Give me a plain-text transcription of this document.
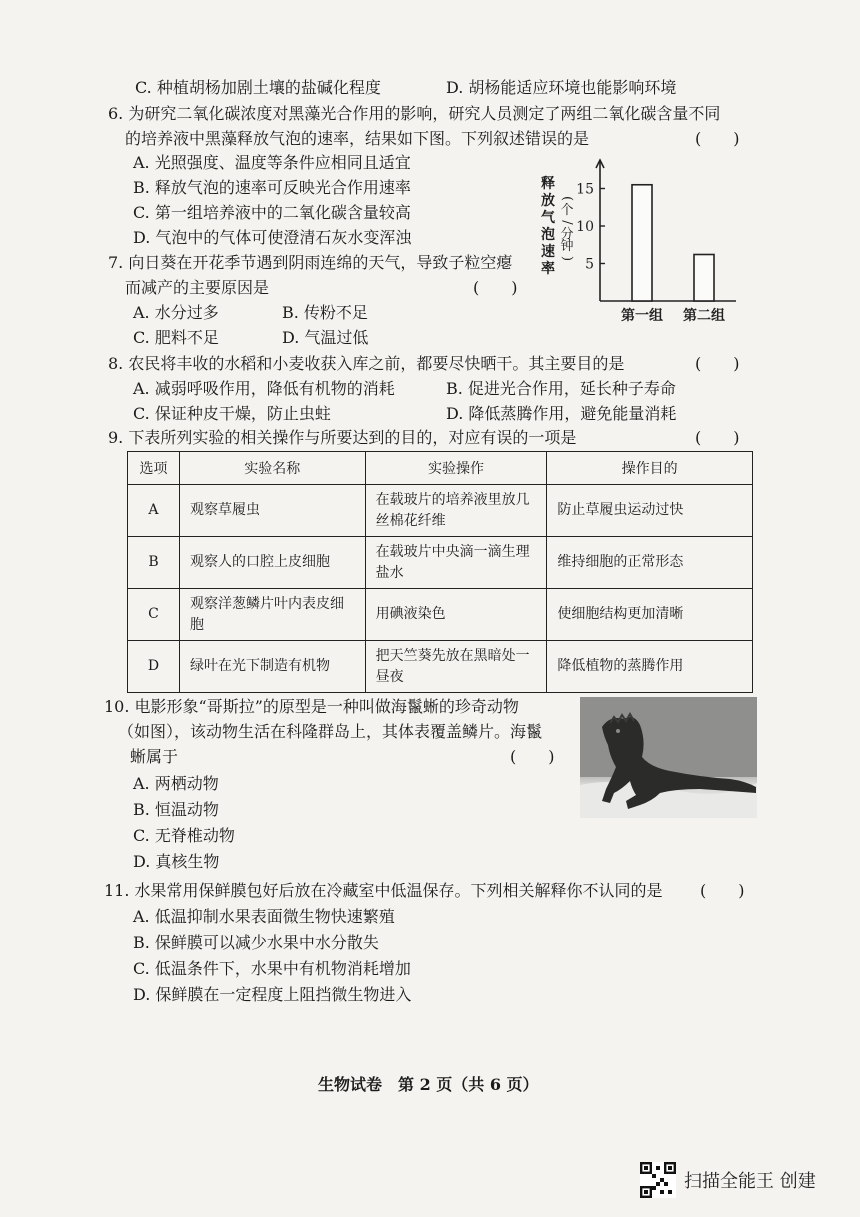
C. 种植胡杨加剧土壤的盐碱化程度	D. 胡杨能适应环境也能影响环境
6. 为研究二氧化碳浓度对黑藻光合作用的影响，研究人员测定了两组二氧化碳含量不同
的培养液中黑藻释放气泡的速率，结果如下图。下列叙述错误的是	(　　)
A. 光照强度、温度等条件应相同且适宜
B. 释放气泡的速率可反映光合作用速率
C. 第一组培养液中的二氧化碳含量较高
D. 气泡中的气体可使澄清石灰水变浑浊
释
放
气
泡
速
率
(
个
/
分
钟
) 5
10
15
第一组 第二组
7. 向日葵在开花季节遇到阴雨连绵的天气，导致子粒空瘪
而减产的主要原因是	(　　)
A. 水分过多	B. 传粉不足
C. 肥料不足	D. 气温过低
8. 农民将丰收的水稻和小麦收获入库之前，都要尽快晒干。其主要目的是	(　　)
A. 减弱呼吸作用，降低有机物的消耗	B. 促进光合作用，延长种子寿命
C. 保证种皮干燥，防止虫蛀	D. 降低蒸腾作用，避免能量消耗
9. 下表所列实验的相关操作与所要达到的目的，对应有误的一项是	(　　)
选项	实验名称	实验操作	操作目的
A	观察草履虫	在载玻片的培养液里放几丝棉花纤维	防止草履虫运动过快
B	观察人的口腔上皮细胞	在载玻片中央滴一滴生理盐水	维持细胞的正常形态
C	观察洋葱鳞片叶内表皮细胞	用碘液染色	使细胞结构更加清晰
D	绿叶在光下制造有机物	把天竺葵先放在黑暗处一昼夜	降低植物的蒸腾作用
10. 电影形象“哥斯拉”的原型是一种叫做海鬣蜥的珍奇动物
（如图），该动物生活在科隆群岛上，其体表覆盖鳞片。海鬣
蜥属于	(　　)
A. 两栖动物
B. 恒温动物
C. 无脊椎动物
D. 真核生物
11. 水果常用保鲜膜包好后放在冷藏室中低温保存。下列相关解释你不认同的是 (　　)
A. 低温抑制水果表面微生物快速繁殖
B. 保鲜膜可以减少水果中水分散失
C. 低温条件下，水果中有机物消耗增加
D. 保鲜膜在一定程度上阻挡微生物进入
生物试卷　第 2 页（共 6 页）
扫描全能王 创建
